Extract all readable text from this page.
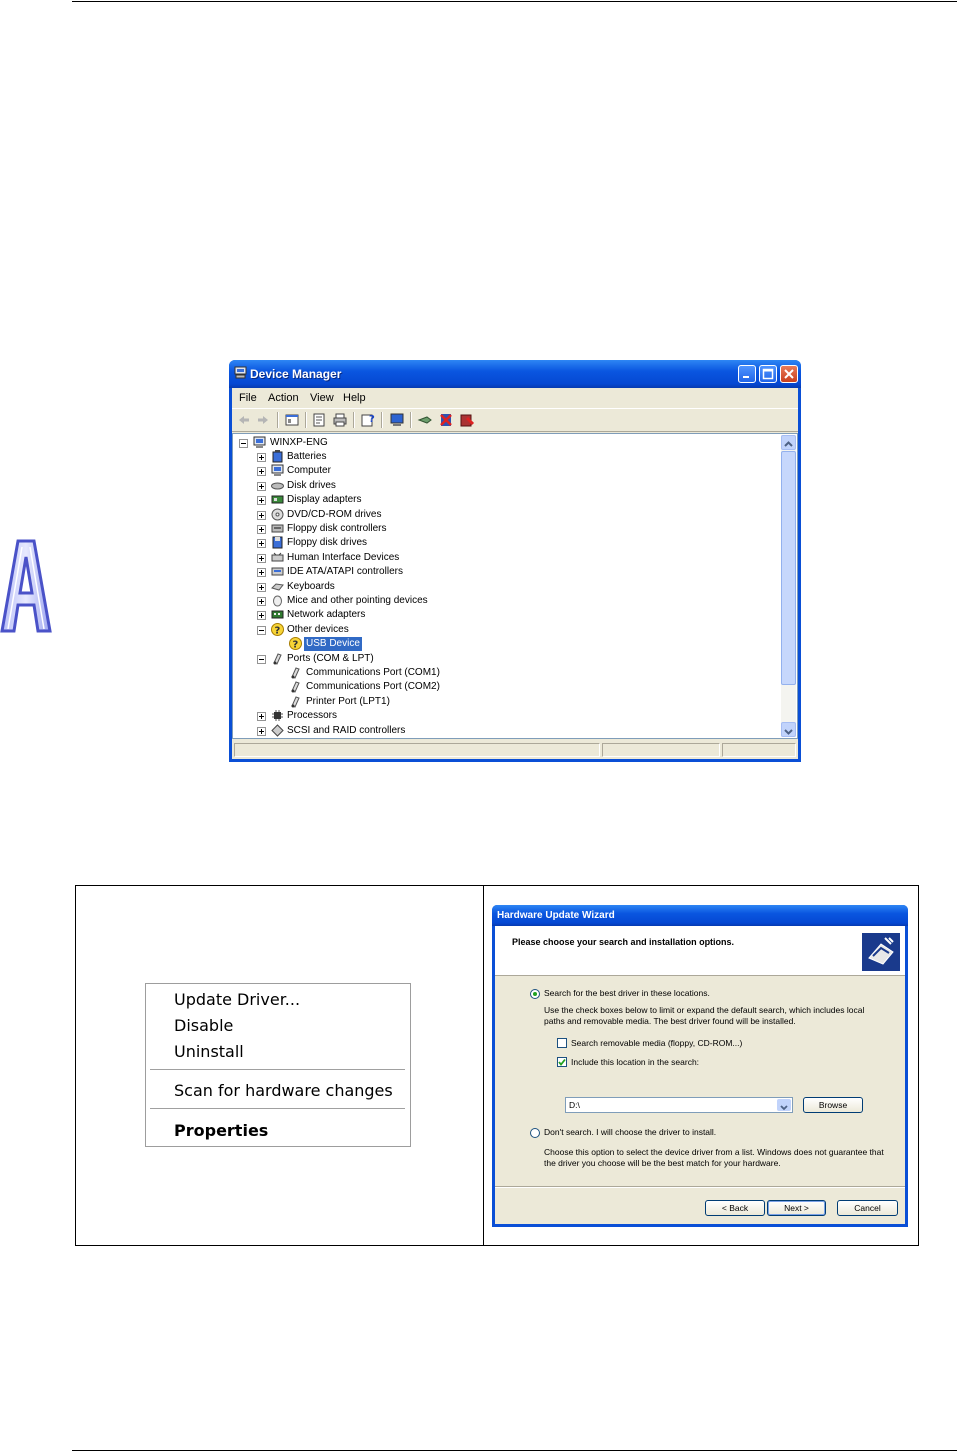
Device Manager
File Action View Help
?
WINXP-ENG
Batteries
Computer
Disk drives
Display adapters
DVD/CD-ROM drives
Floppy disk controllers
Floppy disk drives
Human Interface Devices
IDE ATA/ATAPI controllers
Keyboards
Mice and other pointing devices
Network adapters
? Other devices
? USB Device
Ports (COM & LPT)
Communications Port (COM1)
Communications Port (COM2)
Printer Port (LPT1)
Processors
SCSI and RAID controllers
Update Driver...
Disable
Uninstall
Scan for hardware changes
Properties
Hardware Update Wizard
Please choose your search and installation options.
Search for the best driver in these locations.
Use the check boxes below to limit or expand the default search, which includes local
paths and removable media. The best driver found will be installed.
Search removable media (floppy, CD-ROM...)
Include this location in the search:
D:\	Browse
Don't search. I will choose the driver to install.
Choose this option to select the device driver from a list. Windows does not guarantee that
the driver you choose will be the best match for your hardware.
< Back	Next >	Cancel
